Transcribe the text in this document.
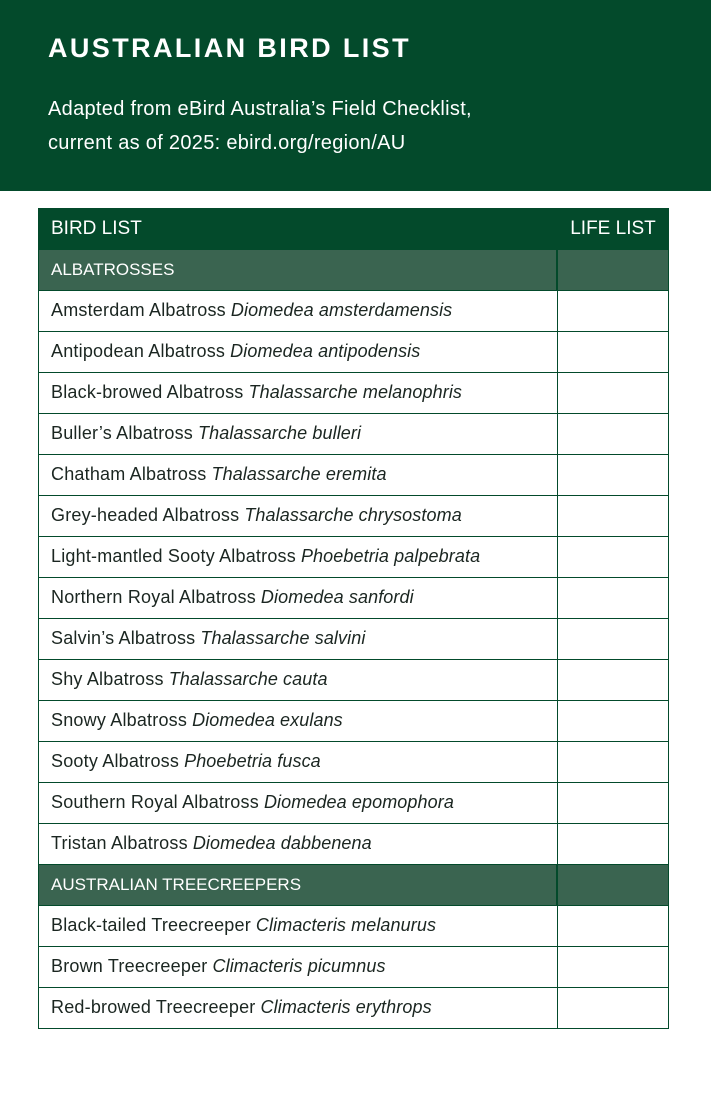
AUSTRALIAN BIRD LIST
Adapted from eBird Australia’s Field Checklist,
current as of 2025: ebird.org/region/AU
BIRD LIST	LIFE LIST
ALBATROSSES
Amsterdam Albatross Diomedea amsterdamensis
Antipodean Albatross Diomedea antipodensis
Black-browed Albatross Thalassarche melanophris
Buller’s Albatross Thalassarche bulleri
Chatham Albatross Thalassarche eremita
Grey-headed Albatross Thalassarche chrysostoma
Light-mantled Sooty Albatross Phoebetria palpebrata
Northern Royal Albatross Diomedea sanfordi
Salvin’s Albatross Thalassarche salvini
Shy Albatross Thalassarche cauta
Snowy Albatross Diomedea exulans
Sooty Albatross Phoebetria fusca
Southern Royal Albatross Diomedea epomophora
Tristan Albatross Diomedea dabbenena
AUSTRALIAN TREECREEPERS
Black-tailed Treecreeper Climacteris melanurus
Brown Treecreeper Climacteris picumnus
Red-browed Treecreeper Climacteris erythrops
